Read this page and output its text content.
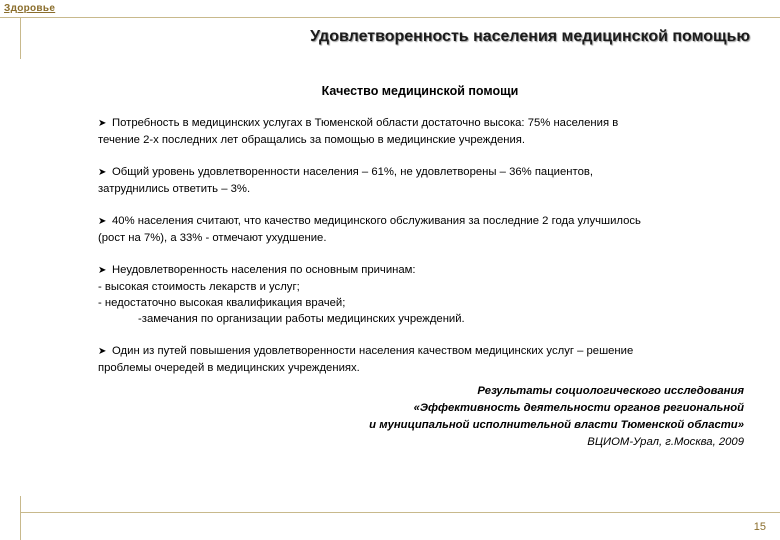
Здоровье
Удовлетворенность населения медицинской помощью
Качество медицинской помощи
➤ Потребность в медицинских услугах в Тюменской области достаточно высока: 75% населения в
течение 2-х последних лет обращались за помощью в медицинские учреждения.
➤ Общий уровень удовлетворенности населения – 61%, не удовлетворены – 36% пациентов,
затруднились ответить – 3%.
➤ 40% населения считают, что качество медицинского обслуживания за последние 2 года улучшилось
(рост на 7%), а 33% - отмечают ухудшение.
➤ Неудовлетворенность населения по основным причинам:
- высокая стоимость лекарств и услуг;
- недостаточно высокая квалификация врачей;
-замечания по организации работы медицинских учреждений.
➤ Один из путей повышения удовлетворенности населения качеством медицинских услуг – решение
проблемы очередей в медицинских учреждениях.
Результаты социологического исследования
«Эффективность деятельности органов региональной
и муниципальной исполнительной власти Тюменской области»
ВЦИОМ-Урал, г.Москва, 2009
15
